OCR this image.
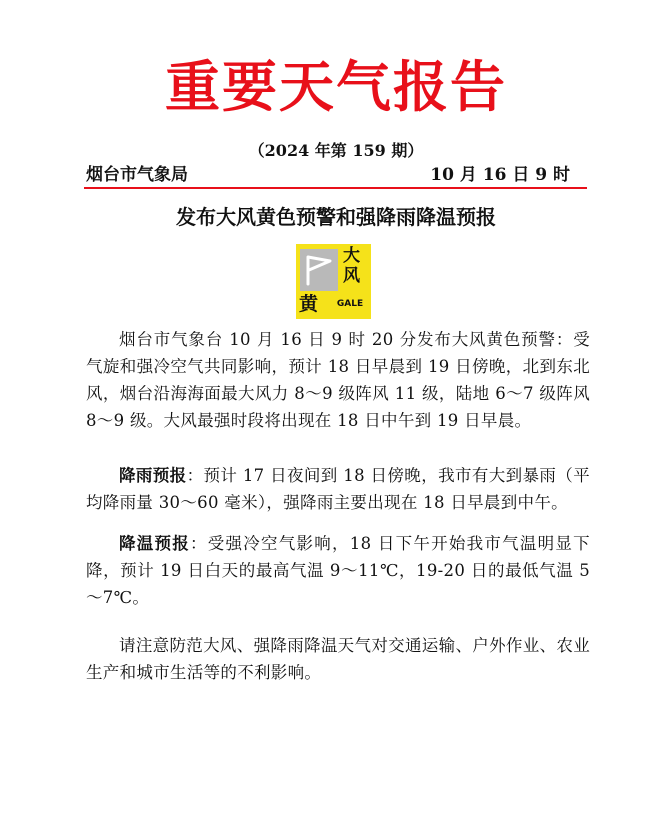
重要天气报告
（2024 年第 159 期）
烟台市气象局	10 月 16 日 9 时
发布大风黄色预警和强降雨降温预报
大
风
黄	GALE

烟台市气象台 10 月 16 日 9 时 20 分发布大风黄色预警：受气旋和强冷空气共同影响，预计 18 日早晨到 19 日傍晚，北到东北风，烟台沿海海面最大风力 8～9 级阵风 11 级，陆地 6～7 级阵风 8～9 级。大风最强时段将出现在 18 日中午到 19 日早晨。

降雨预报：预计 17 日夜间到 18 日傍晚，我市有大到暴雨（平均降雨量 30～60 毫米），强降雨主要出现在 18 日早晨到中午。

降温预报：受强冷空气影响，18 日下午开始我市气温明显下降，预计 19 日白天的最高气温 9～11℃，19-20 日的最低气温 5～7℃。

请注意防范大风、强降雨降温天气对交通运输、户外作业、农业生产和城市生活等的不利影响。
